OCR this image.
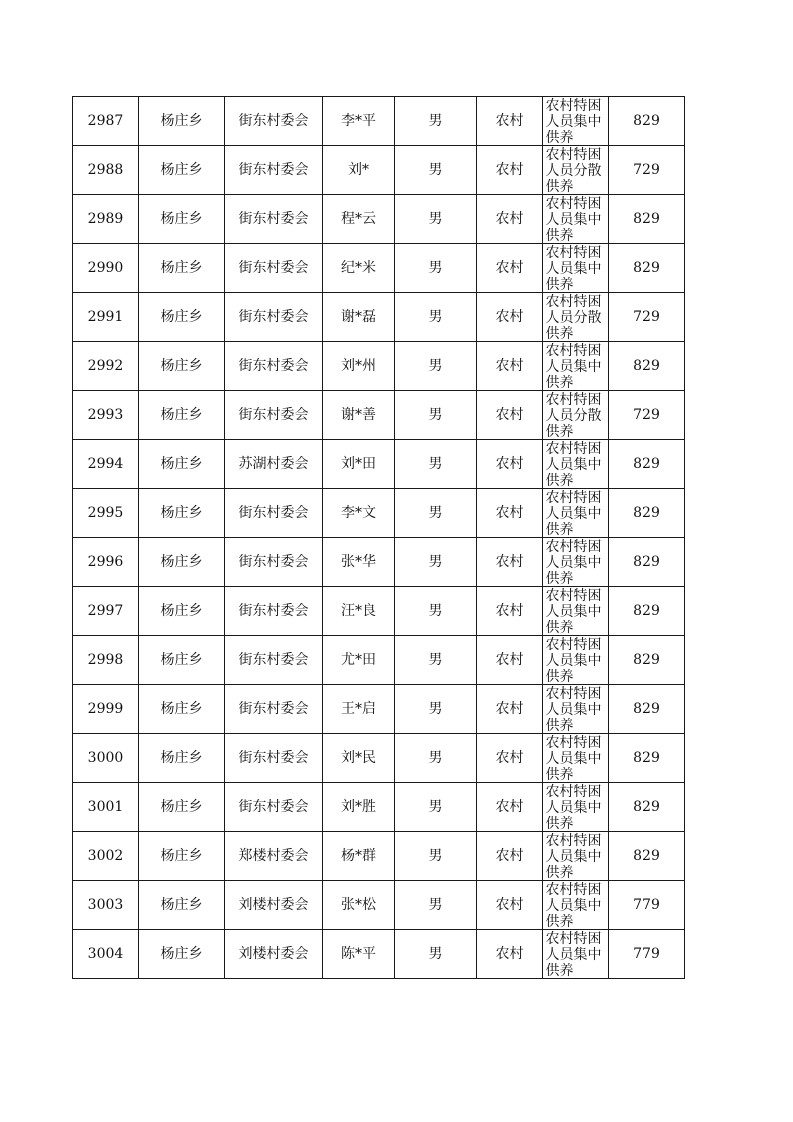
2987	杨庄乡	街东村委会	李*平	男	农村	农村特困人员集中供养	829
2988	杨庄乡	街东村委会	刘*	男	农村	农村特困人员分散供养	729
2989	杨庄乡	街东村委会	程*云	男	农村	农村特困人员集中供养	829
2990	杨庄乡	街东村委会	纪*米	男	农村	农村特困人员集中供养	829
2991	杨庄乡	街东村委会	谢*磊	男	农村	农村特困人员分散供养	729
2992	杨庄乡	街东村委会	刘*州	男	农村	农村特困人员集中供养	829
2993	杨庄乡	街东村委会	谢*善	男	农村	农村特困人员分散供养	729
2994	杨庄乡	苏湖村委会	刘*田	男	农村	农村特困人员集中供养	829
2995	杨庄乡	街东村委会	李*文	男	农村	农村特困人员集中供养	829
2996	杨庄乡	街东村委会	张*华	男	农村	农村特困人员集中供养	829
2997	杨庄乡	街东村委会	汪*良	男	农村	农村特困人员集中供养	829
2998	杨庄乡	街东村委会	尤*田	男	农村	农村特困人员集中供养	829
2999	杨庄乡	街东村委会	王*启	男	农村	农村特困人员集中供养	829
3000	杨庄乡	街东村委会	刘*民	男	农村	农村特困人员集中供养	829
3001	杨庄乡	街东村委会	刘*胜	男	农村	农村特困人员集中供养	829
3002	杨庄乡	郑楼村委会	杨*群	男	农村	农村特困人员集中供养	829
3003	杨庄乡	刘楼村委会	张*松	男	农村	农村特困人员集中供养	779
3004	杨庄乡	刘楼村委会	陈*平	男	农村	农村特困人员集中供养	779
